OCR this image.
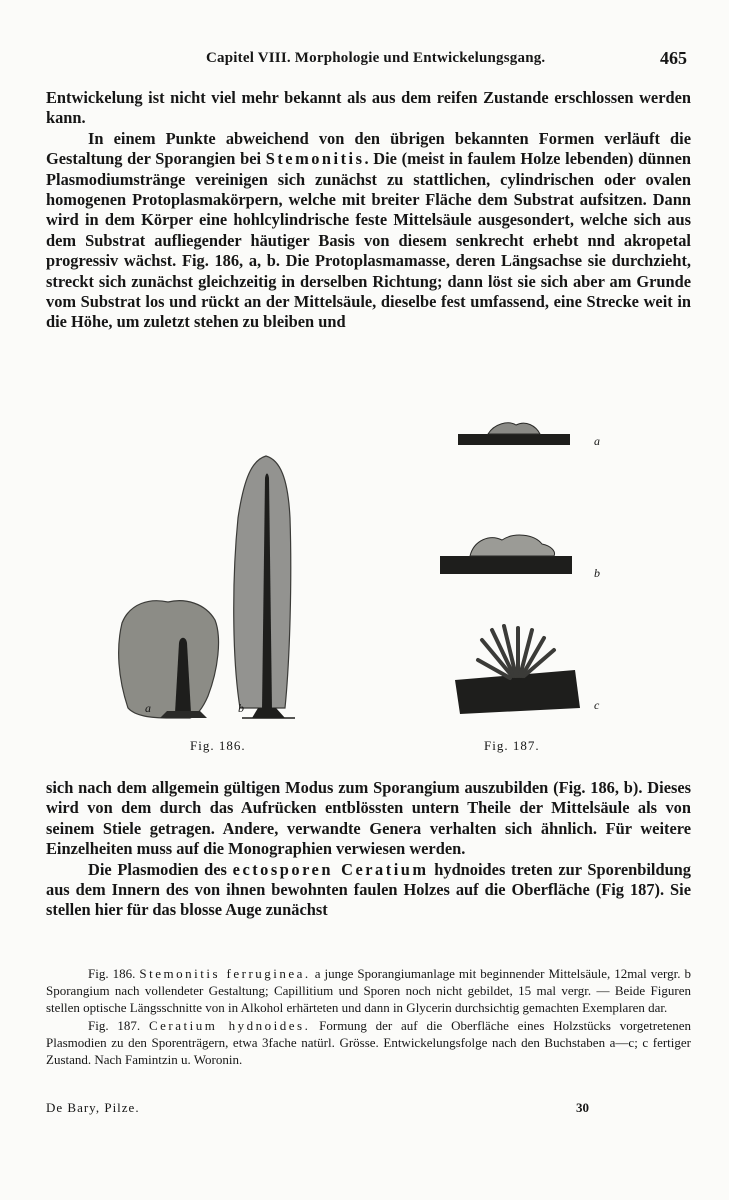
Capitel VIII. Morphologie und Entwickelungsgang.	465

Entwickelung ist nicht viel mehr bekannt als aus dem reifen Zustande erschlossen werden kann.

In einem Punkte abweichend von den übrigen bekannten Formen verläuft die Gestaltung der Sporangien bei Stemonitis. Die (meist in faulem Holze lebenden) dünnen Plasmodiumstränge vereinigen sich zunächst zu stattlichen, cylindrischen oder ovalen homogenen Protoplasmakörpern, welche mit breiter Fläche dem Substrat aufsitzen. Dann wird in dem Körper eine hohlcylindrische feste Mittelsäule ausgesondert, welche sich aus dem Substrat aufliegender häutiger Basis von diesem senkrecht erhebt nnd akropetal progressiv wächst. Fig. 186, a, b. Die Protoplasmamasse, deren Längsachse sie durchzieht, streckt sich zunächst gleichzeitig in derselben Richtung; dann löst sie sich aber am Grunde vom Substrat los und rückt an der Mittelsäule, dieselbe fest umfassend, eine Strecke weit in die Höhe, um zuletzt stehen zu bleiben und

a	b
a
b
c
Fig. 186.	Fig. 187.

sich nach dem allgemein gültigen Modus zum Sporangium auszubilden (Fig. 186, b). Dieses wird von dem durch das Aufrücken entblössten untern Theile der Mittelsäule als von seinem Stiele getragen. Andere, verwandte Genera verhalten sich ähnlich. Für weitere Einzelheiten muss auf die Monographien verwiesen werden.

Die Plasmodien des ectosporen Ceratium hydnoides treten zur Sporenbildung aus dem Innern des von ihnen bewohnten faulen Holzes auf die Oberfläche (Fig 187). Sie stellen hier für das blosse Auge zunächst

Fig. 186. Stemonitis ferruginea. a junge Sporangiumanlage mit beginnender Mittelsäule, 12mal vergr. b Sporangium nach vollendeter Gestaltung; Capillitium und Sporen noch nicht gebildet, 15 mal vergr. — Beide Figuren stellen optische Längsschnitte von in Alkohol erhärteten und dann in Glycerin durchsichtig gemachten Exemplaren dar.

Fig. 187. Ceratium hydnoides. Formung der auf die Oberfläche eines Holzstücks vorgetretenen Plasmodien zu den Sporenträgern, etwa 3fache natürl. Grösse. Entwickelungsfolge nach den Buchstaben a—c; c fertiger Zustand. Nach Famintzin u. Woronin.

De Bary, Pilze.	30
